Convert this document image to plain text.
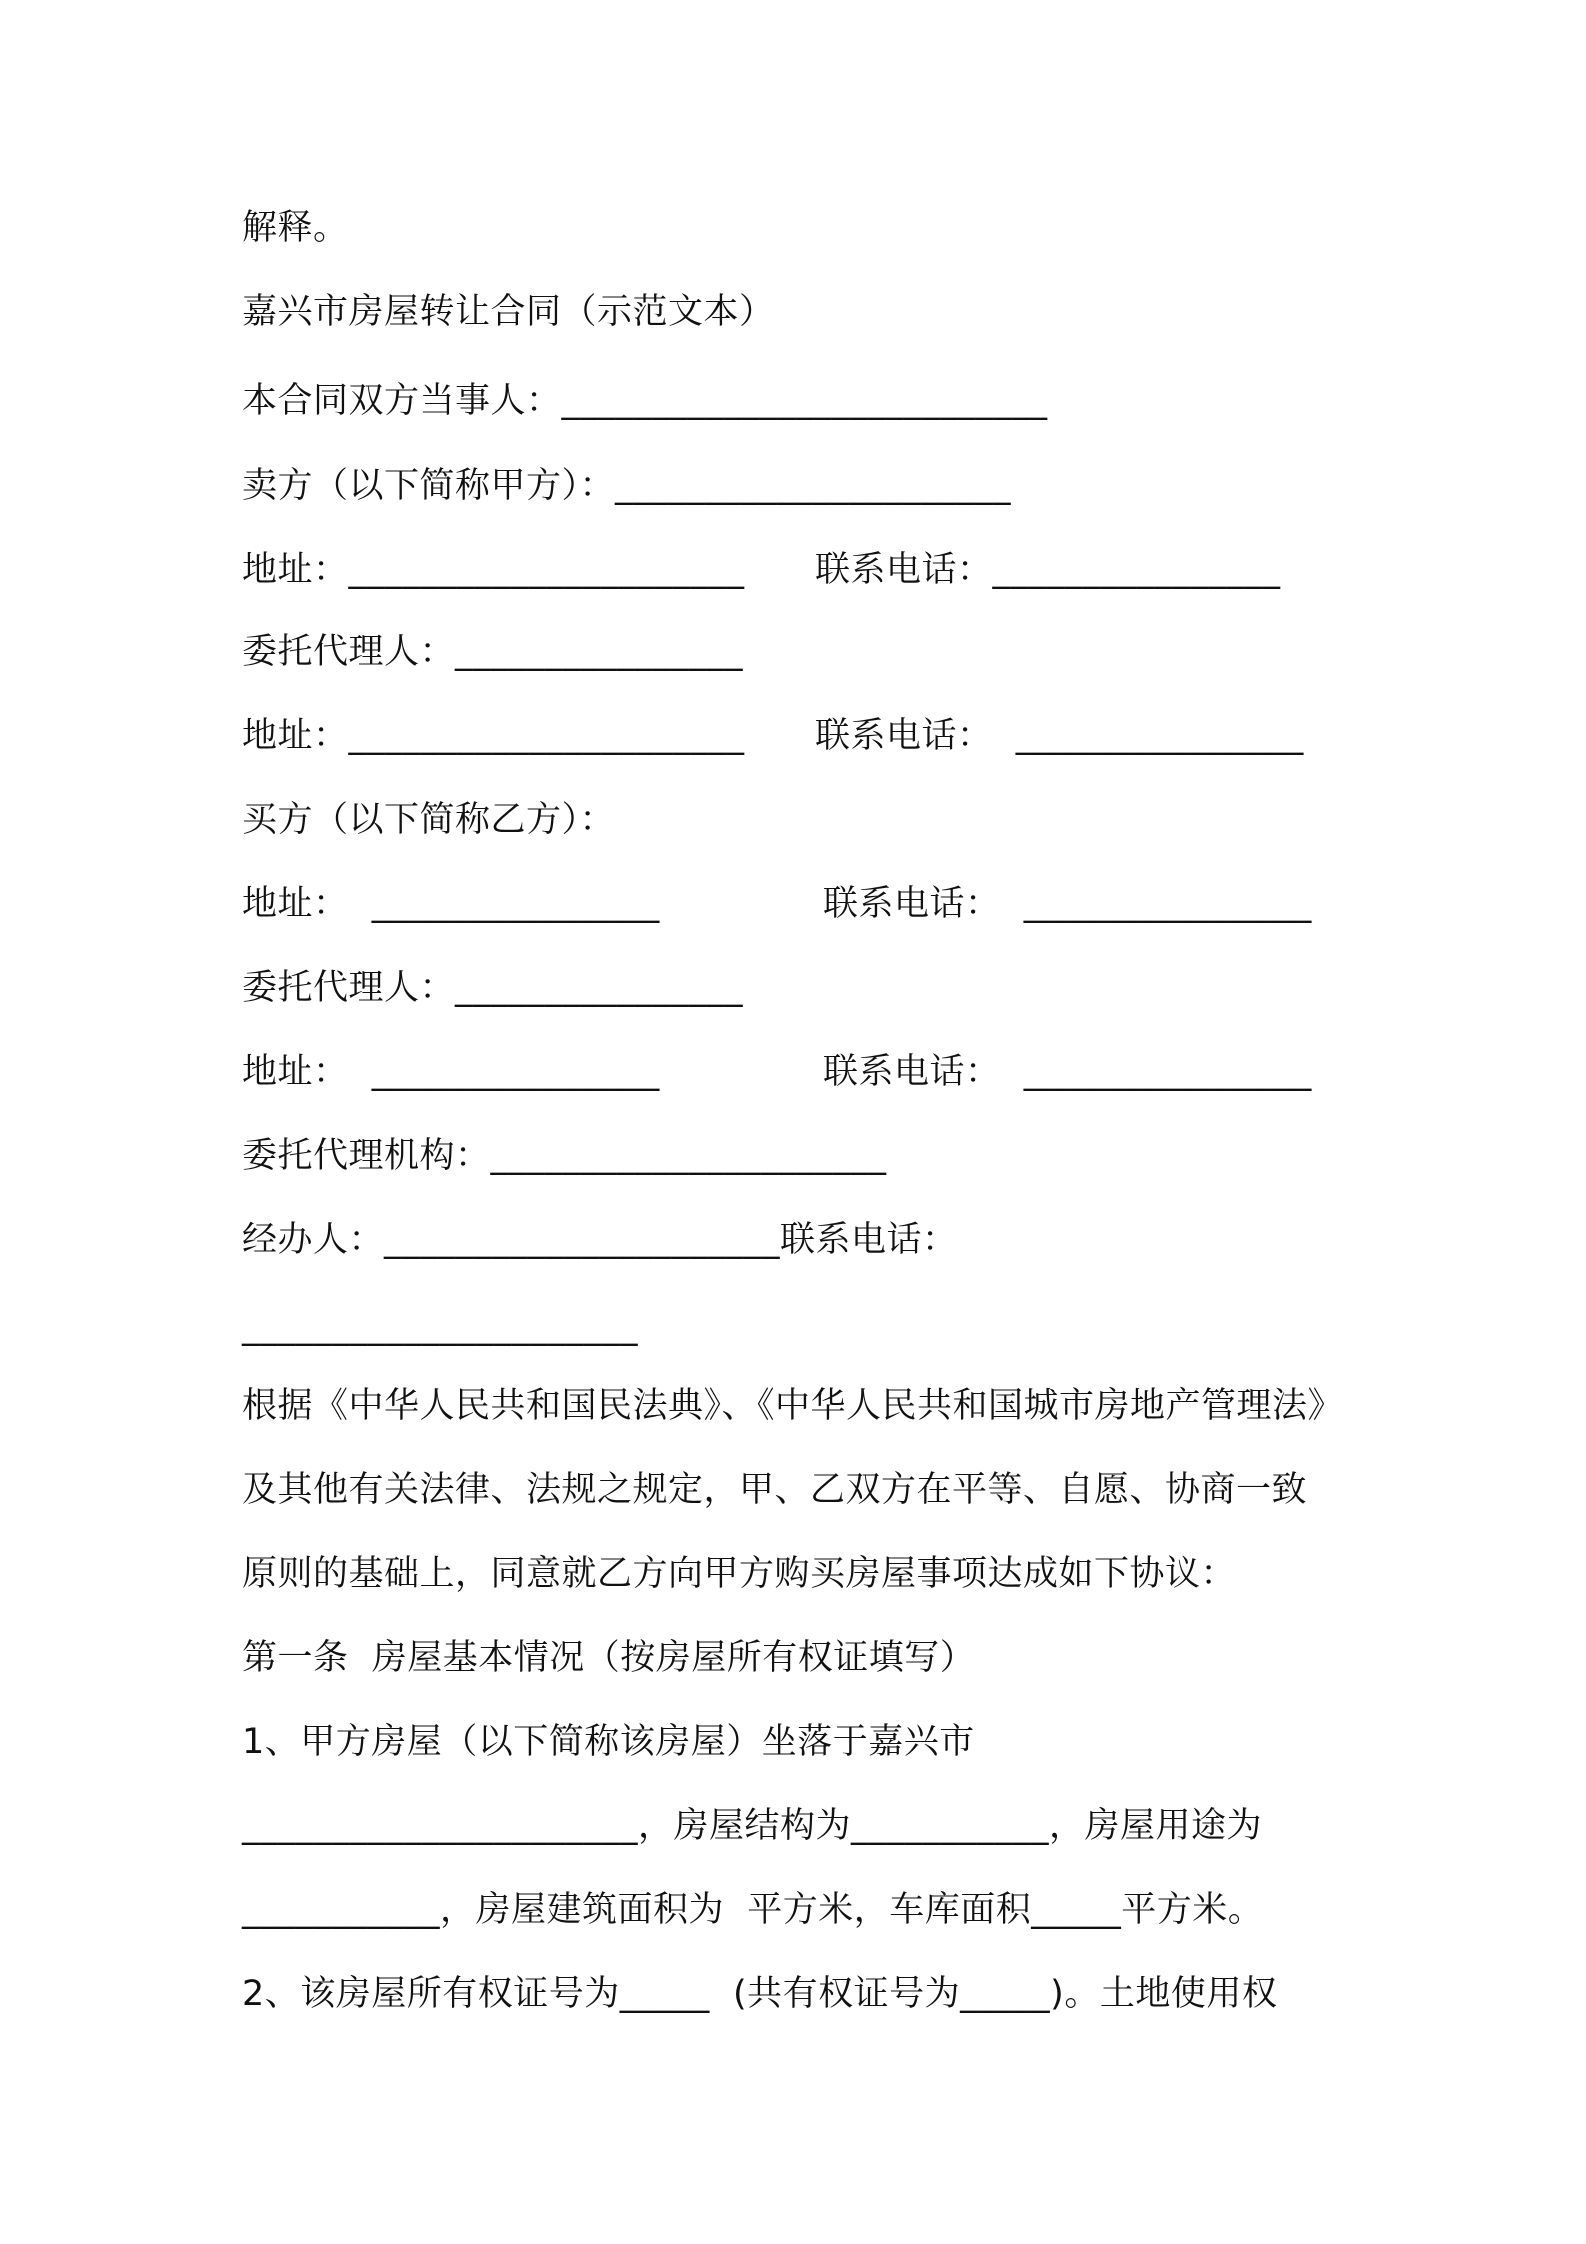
解释。
嘉兴市房屋转让合同（示范文本）
本合同双方当事人：___________________________
卖方（以下简称甲方）：______________________
地址：______________________ 联系电话：________________
委托代理人：________________
地址：______________________ 联系电话：  ________________
买方（以下简称乙方）：
地址：  ________________	联系电话：  ________________
委托代理人：________________
地址：  ________________	联系电话：  ________________
委托代理机构：______________________
经办人：______________________联系电话：
______________________
根据《中华人民共和国民法典》、《中华人民共和国城市房地产管理法》
及其他有关法律、法规之规定，甲、乙双方在平等、自愿、协商一致
原则的基础上，同意就乙方向甲方购买房屋事项达成如下协议：
第一条  房屋基本情况（按房屋所有权证填写）
1、甲方房屋（以下简称该房屋）坐落于嘉兴市
______________________，房屋结构为___________，房屋用途为
___________，房屋建筑面积为  平方米，车库面积_____平方米。
2、该房屋所有权证号为_____  (共有权证号为_____)。土地使用权
